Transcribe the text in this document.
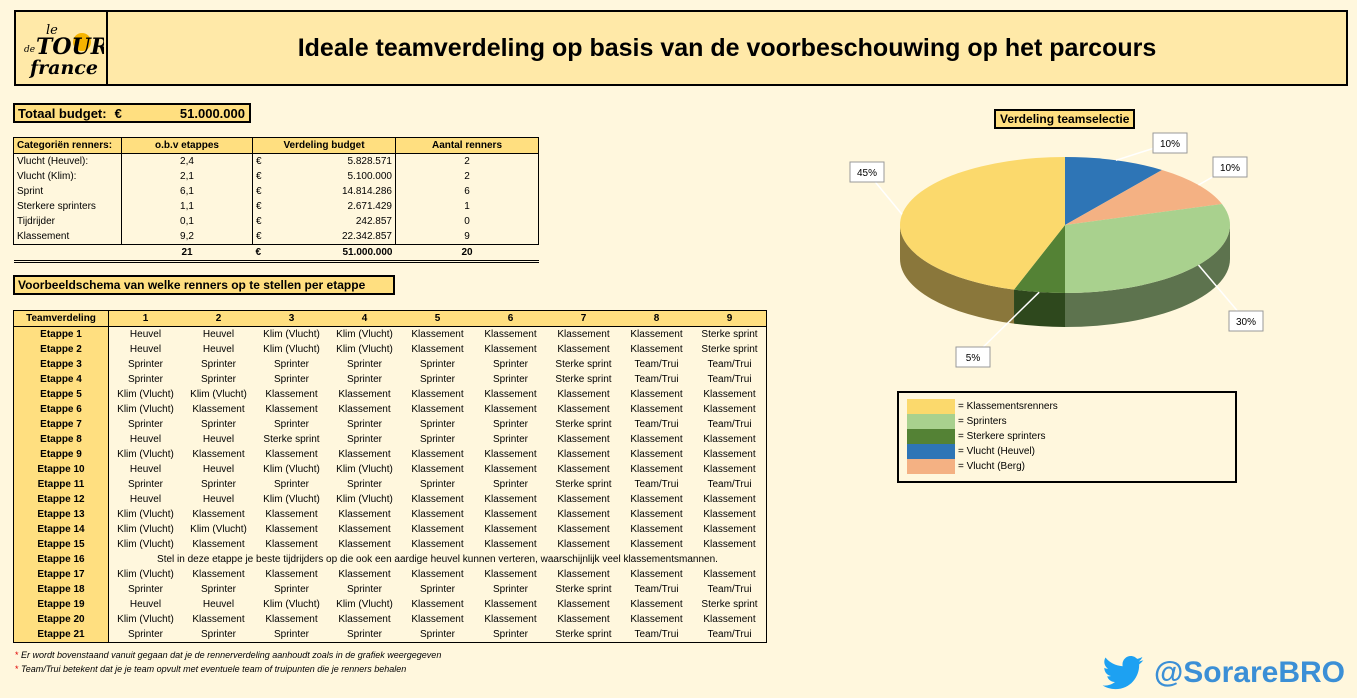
le
TOUR
de
france
Ideale teamverdeling op basis van de voorbeschouwing op het parcours
Totaal budget: €	51.000.000
Categoriën renners:	o.b.v etappes	Verdeling budget	Aantal renners
Vlucht (Heuvel):	2,4	€ 5.828.571	2
Vlucht (Klim):	2,1	€ 5.100.000	2
Sprint	6,1	€ 14.814.286	6
Sterkere sprinters	1,1	€ 2.671.429	1
Tijdrijder	0,1	€ 242.857	0
Klassement	9,2	€ 22.342.857	9
	21	€ 51.000.000	20
Voorbeeldschema van welke renners op te stellen per etappe
Teamverdeling	1	2	3	4	5	6	7	8	9
Etappe 1	Heuvel	Heuvel	Klim (Vlucht)	Klim (Vlucht)	Klassement	Klassement	Klassement	Klassement	Sterke sprint
Etappe 2	Heuvel	Heuvel	Klim (Vlucht)	Klim (Vlucht)	Klassement	Klassement	Klassement	Klassement	Sterke sprint
Etappe 3	Sprinter	Sprinter	Sprinter	Sprinter	Sprinter	Sprinter	Sterke sprint	Team/Trui	Team/Trui
Etappe 4	Sprinter	Sprinter	Sprinter	Sprinter	Sprinter	Sprinter	Sterke sprint	Team/Trui	Team/Trui
Etappe 5	Klim (Vlucht)	Klim (Vlucht)	Klassement	Klassement	Klassement	Klassement	Klassement	Klassement	Klassement
Etappe 6	Klim (Vlucht)	Klassement	Klassement	Klassement	Klassement	Klassement	Klassement	Klassement	Klassement
Etappe 7	Sprinter	Sprinter	Sprinter	Sprinter	Sprinter	Sprinter	Sterke sprint	Team/Trui	Team/Trui
Etappe 8	Heuvel	Heuvel	Sterke sprint	Sprinter	Sprinter	Sprinter	Klassement	Klassement	Klassement
Etappe 9	Klim (Vlucht)	Klassement	Klassement	Klassement	Klassement	Klassement	Klassement	Klassement	Klassement
Etappe 10	Heuvel	Heuvel	Klim (Vlucht)	Klim (Vlucht)	Klassement	Klassement	Klassement	Klassement	Klassement
Etappe 11	Sprinter	Sprinter	Sprinter	Sprinter	Sprinter	Sprinter	Sterke sprint	Team/Trui	Team/Trui
Etappe 12	Heuvel	Heuvel	Klim (Vlucht)	Klim (Vlucht)	Klassement	Klassement	Klassement	Klassement	Klassement
Etappe 13	Klim (Vlucht)	Klassement	Klassement	Klassement	Klassement	Klassement	Klassement	Klassement	Klassement
Etappe 14	Klim (Vlucht)	Klim (Vlucht)	Klassement	Klassement	Klassement	Klassement	Klassement	Klassement	Klassement
Etappe 15	Klim (Vlucht)	Klassement	Klassement	Klassement	Klassement	Klassement	Klassement	Klassement	Klassement
Etappe 16	Stel in deze etappe je beste tijdrijders op die ook een aardige heuvel kunnen verteren, waarschijnlijk veel klassementsmannen.								
Etappe 17	Klim (Vlucht)	Klassement	Klassement	Klassement	Klassement	Klassement	Klassement	Klassement	Klassement
Etappe 18	Sprinter	Sprinter	Sprinter	Sprinter	Sprinter	Sprinter	Sterke sprint	Team/Trui	Team/Trui
Etappe 19	Heuvel	Heuvel	Klim (Vlucht)	Klim (Vlucht)	Klassement	Klassement	Klassement	Klassement	Sterke sprint
Etappe 20	Klim (Vlucht)	Klassement	Klassement	Klassement	Klassement	Klassement	Klassement	Klassement	Klassement
Etappe 21	Sprinter	Sprinter	Sprinter	Sprinter	Sprinter	Sprinter	Sterke sprint	Team/Trui	Team/Trui
* Er wordt bovenstaand vanuit gegaan dat je de rennerverdeling aanhoudt zoals in de grafiek weergegeven
* Team/Trui betekent dat je je team opvult met eventuele team of truipunten die je renners behalen
Verdeling teamselectie
10%
10%
30%
5%
45%
= Klassementsrenners
= Sprinters
= Sterkere sprinters
= Vlucht (Heuvel)
= Vlucht (Berg)
@SorareBRO
